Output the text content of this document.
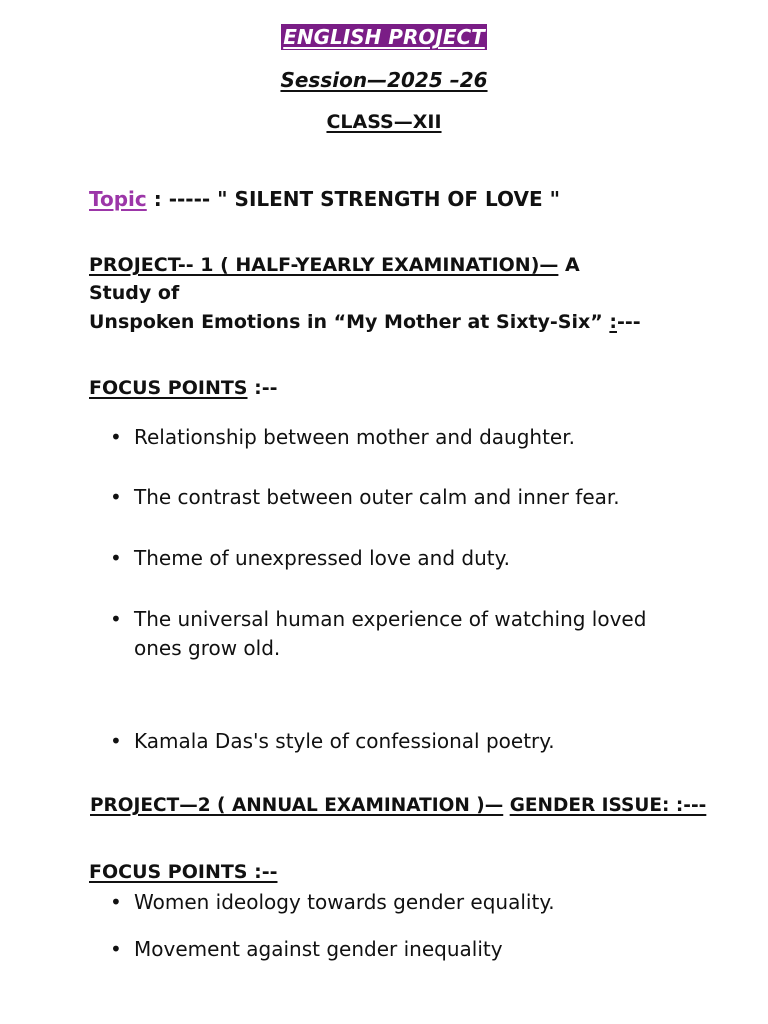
ENGLISH PROJECT
Session—2025 –26
CLASS—XII
Topic : ----- " SILENT STRENGTH OF LOVE "
PROJECT-- 1 ( HALF-YEARLY EXAMINATION)— A
Study of
Unspoken Emotions in “My Mother at Sixty-Six” :---
FOCUS POINTS :--
• Relationship between mother and daughter.
• The contrast between outer calm and inner fear.
• Theme of unexpressed love and duty.
• The universal human experience of watching loved
ones grow old.
• Kamala Das's style of confessional poetry.
PROJECT—2 ( ANNUAL EXAMINATION )— GENDER ISSUE: :---
FOCUS POINTS :--
• Women ideology towards gender equality.
• Movement against gender inequality
